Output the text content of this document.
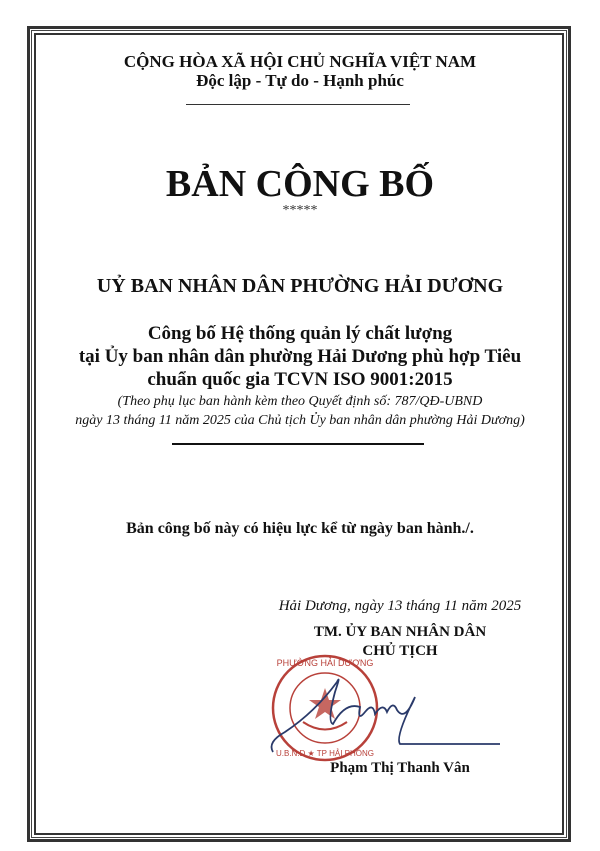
CỘNG HÒA XÃ HỘI CHỦ NGHĨA VIỆT NAM
Độc lập - Tự do - Hạnh phúc
BẢN CÔNG BỐ
*****
UỶ BAN NHÂN DÂN PHƯỜNG HẢI DƯƠNG
Công bố Hệ thống quản lý chất lượng
tại Ủy ban nhân dân phường Hải Dương phù hợp Tiêu
chuẩn quốc gia TCVN ISO 9001:2015
(Theo phụ lục ban hành kèm theo Quyết định số: 787/QĐ-UBND
ngày 13 tháng 11 năm 2025 của Chủ tịch Ủy ban nhân dân phường Hải Dương)
Bản công bố này có hiệu lực kể từ ngày ban hành./.
Hải Dương, ngày 13 tháng 11 năm 2025
TM. ỦY BAN NHÂN DÂN
CHỦ TỊCH
PHƯỜNG HẢI DƯƠNG
U.B.N.D ★ TP HẢI PHÒNG
Phạm Thị Thanh Vân
